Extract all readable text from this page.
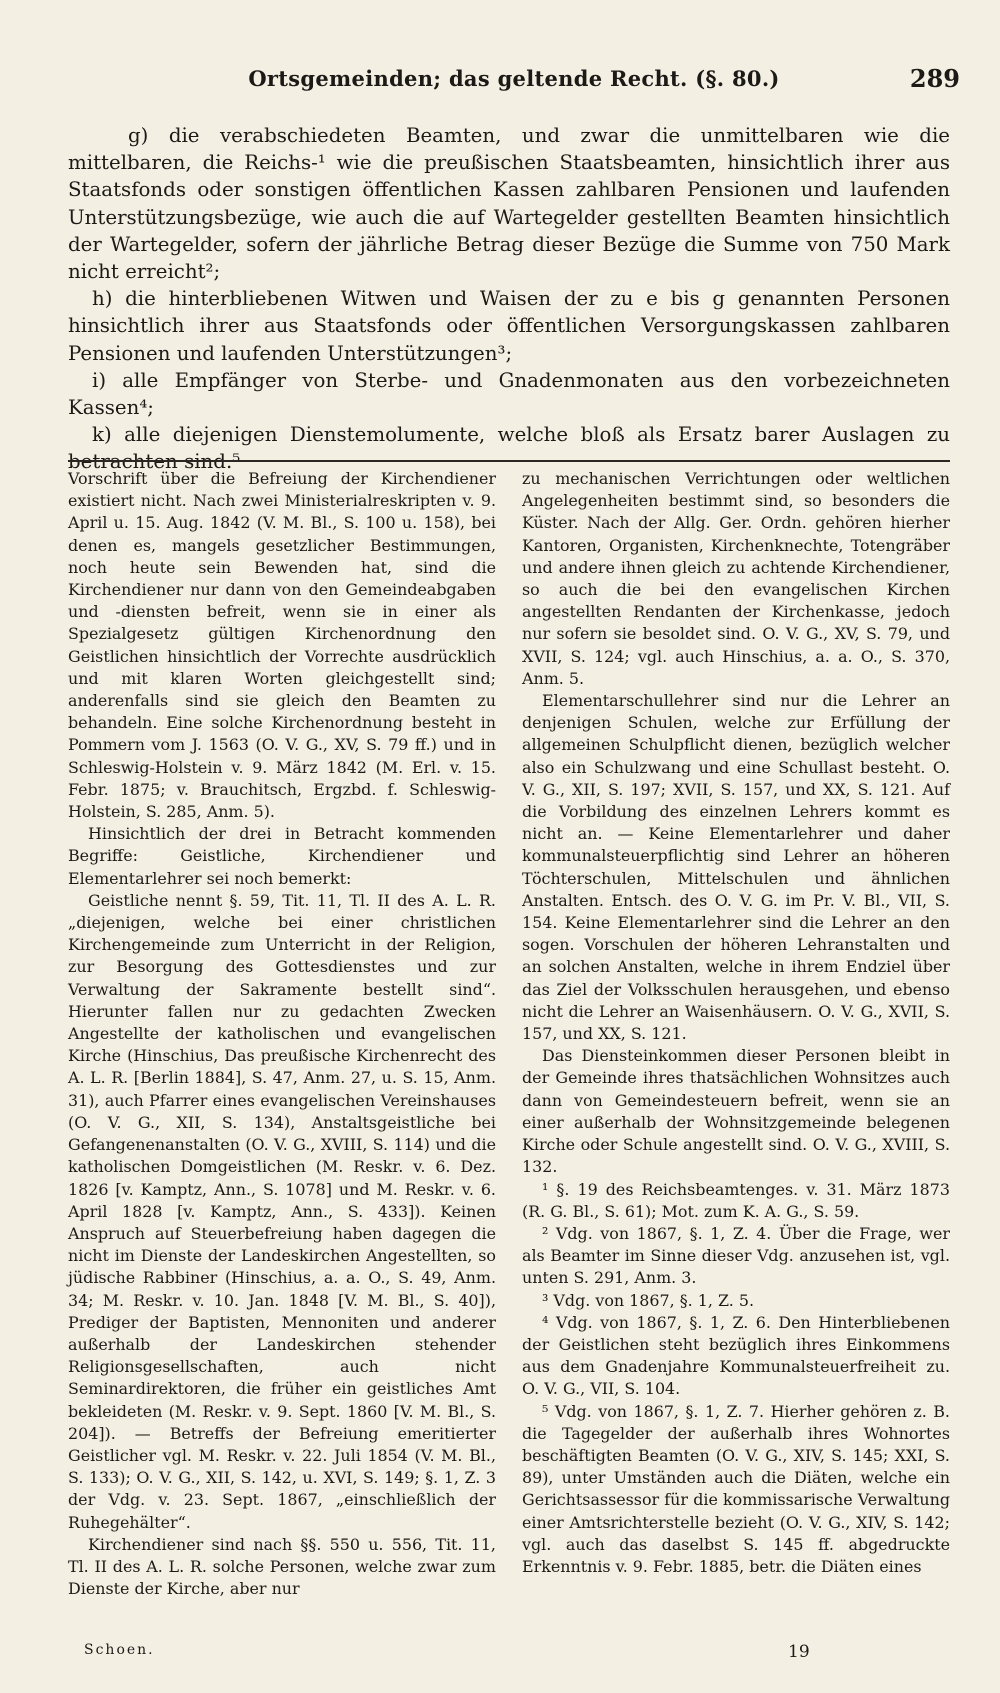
Ortsgemeinden; das geltende Recht. (§. 80.)	289

g) die verabschiedeten Beamten, und zwar die unmittelbaren wie die mittelbaren, die Reichs-¹ wie die preußischen Staatsbeamten, hinsichtlich ihrer aus Staatsfonds oder sonstigen öffentlichen Kassen zahlbaren Pensionen und laufenden Unterstützungsbezüge, wie auch die auf Wartegelder gestellten Beamten hinsichtlich der Wartegelder, sofern der jährliche Betrag dieser Bezüge die Summe von 750 Mark nicht erreicht²;

h) die hinterbliebenen Witwen und Waisen der zu e bis g genannten Personen hinsichtlich ihrer aus Staatsfonds oder öffentlichen Versorgungskassen zahlbaren Pensionen und laufenden Unterstützungen³;

i) alle Empfänger von Sterbe- und Gnadenmonaten aus den vorbezeichneten Kassen⁴;

k) alle diejenigen Dienstemolumente, welche bloß als Ersatz barer Auslagen zu

Vorschrift über die Befreiung der Kirchendiener existiert nicht. Nach zwei Ministerialreskripten v. 9. April u. 15. Aug. 1842 (V. M. Bl., S. 100 u. 158), bei denen es, mangels gesetzlicher Bestimmungen, noch heute sein Bewenden hat, sind die Kirchendiener nur dann von den Gemeindeabgaben und -diensten befreit, wenn sie in einer als Spezialgesetz gültigen Kirchenordnung den Geistlichen hinsichtlich der Vorrechte ausdrücklich und mit klaren Worten gleichgestellt sind; anderenfalls sind sie gleich den Beamten zu behandeln. Eine solche Kirchenordnung besteht in Pommern vom J. 1563 (O. V. G., XV, S. 79 ff.) und in Schleswig-Holstein v. 9. März 1842 (M. Erl. v. 15. Febr. 1875; v. Brauchitsch, Ergzbd. f. Schleswig-Holstein, S. 285, Anm. 5).

Hinsichtlich der drei in Betracht kommenden Begriffe: Geistliche, Kirchendiener und Elementarlehrer sei noch bemerkt:

Geistliche nennt §. 59, Tit. 11, Tl. II des A. L. R. „diejenigen, welche bei einer christlichen Kirchengemeinde zum Unterricht in der Religion, zur Besorgung des Gottesdienstes und zur Verwaltung der Sakramente bestellt sind“. Hierunter fallen nur zu gedachten Zwecken Angestellte der katholischen und evangelischen Kirche (Hinschius, Das preußische Kirchenrecht des A. L. R. [Berlin 1884], S. 47, Anm. 27, u. S. 15, Anm. 31), auch Pfarrer eines evangelischen Vereinshauses (O. V. G., XII, S. 134), Anstaltsgeistliche bei Gefangenenanstalten (O. V. G., XVIII, S. 114) und die katholischen Domgeistlichen (M. Reskr. v. 6. Dez. 1826 [v. Kamptz, Ann., S. 1078] und M. Reskr. v. 6. April 1828 [v. Kamptz, Ann., S. 433]). Keinen Anspruch auf Steuerbefreiung haben dagegen die nicht im Dienste der Landeskirchen Angestellten, so jüdische Rabbiner (Hinschius, a. a. O., S. 49, Anm. 34; M. Reskr. v. 10. Jan. 1848 [V. M. Bl., S. 40]), Prediger der Baptisten, Mennoniten und anderer außerhalb der Landeskirchen stehender Religionsgesellschaften, auch nicht Seminardirektoren, die früher ein geistliches Amt bekleideten (M. Reskr. v. 9. Sept. 1860 [V. M. Bl., S. 204]). — Betreffs der Befreiung emeritierter Geistlicher vgl. M. Reskr. v. 22. Juli 1854 (V. M. Bl., S. 133); O. V. G., XII, S. 142, u. XVI, S. 149; §. 1, Z. 3 der Vdg. v. 23. Sept. 1867, „einschließlich der Ruhegehälter“.

Kirchendiener sind nach §§. 550 u. 556, Tit. 11, Tl. II des A. L. R. solche Personen, welche zwar zum Dienste der Kirche, aber nur

zu mechanischen Verrichtungen oder weltlichen Angelegenheiten bestimmt sind, so besonders die Küster. Nach der Allg. Ger. Ordn. gehören hierher Kantoren, Organisten, Kirchenknechte, Totengräber und andere ihnen gleich zu achtende Kirchendiener, so auch die bei den evangelischen Kirchen angestellten Rendanten der Kirchenkasse, jedoch nur sofern sie besoldet sind. O. V. G., XV, S. 79, und XVII, S. 124; vgl. auch Hinschius, a. a. O., S. 370, Anm. 5.

Elementarschullehrer sind nur die Lehrer an denjenigen Schulen, welche zur Erfüllung der allgemeinen Schulpflicht dienen, bezüglich welcher also ein Schulzwang und eine Schullast besteht. O. V. G., XII, S. 197; XVII, S. 157, und XX, S. 121. Auf die Vorbildung des einzelnen Lehrers kommt es nicht an. — Keine Elementarlehrer und daher kommunalsteuerpflichtig sind Lehrer an höheren Töchterschulen, Mittelschulen und ähnlichen Anstalten. Entsch. des O. V. G. im Pr. V. Bl., VII, S. 154. Keine Elementarlehrer sind die Lehrer an den sogen. Vorschulen der höheren Lehranstalten und an solchen Anstalten, welche in ihrem Endziel über das Ziel der Volksschulen herausgehen, und ebenso nicht die Lehrer an Waisenhäusern. O. V. G., XVII, S. 157, und XX, S. 121.

Das Diensteinkommen dieser Personen bleibt in der Gemeinde ihres thatsächlichen Wohnsitzes auch dann von Gemeindesteuern befreit, wenn sie an einer außerhalb der Wohnsitzgemeinde belegenen Kirche oder Schule angestellt sind. O. V. G., XVIII, S. 132.

¹ §. 19 des Reichsbeamtenges. v. 31. März 1873 (R. G. Bl., S. 61); Mot. zum K. A. G., S. 59.

² Vdg. von 1867, §. 1, Z. 4. Über die Frage, wer als Beamter im Sinne dieser Vdg. anzusehen ist, vgl. unten S. 291, Anm. 3.

³ Vdg. von 1867, §. 1, Z. 5.

⁴ Vdg. von 1867, §. 1, Z. 6. Den Hinterbliebenen der Geistlichen steht bezüglich ihres Einkommens aus dem Gnadenjahre Kommunalsteuerfreiheit zu. O. V. G., VII, S. 104.

⁵ Vdg. von 1867, §. 1, Z. 7. Hierher gehören z. B. die Tagegelder der außerhalb ihres Wohnortes beschäftigten Beamten (O. V. G., XIV, S. 145; XXI, S. 89), unter Umständen auch die Diäten, welche ein Gerichtsassessor für die kommissarische Verwaltung einer Amtsrichterstelle bezieht (O. V. G., XIV, S. 142; vgl. auch das daselbst S. 145 ff. abgedruckte Erkenntnis v. 9. Febr. 1885, betr. die Diäten eines

Schoen.	19
